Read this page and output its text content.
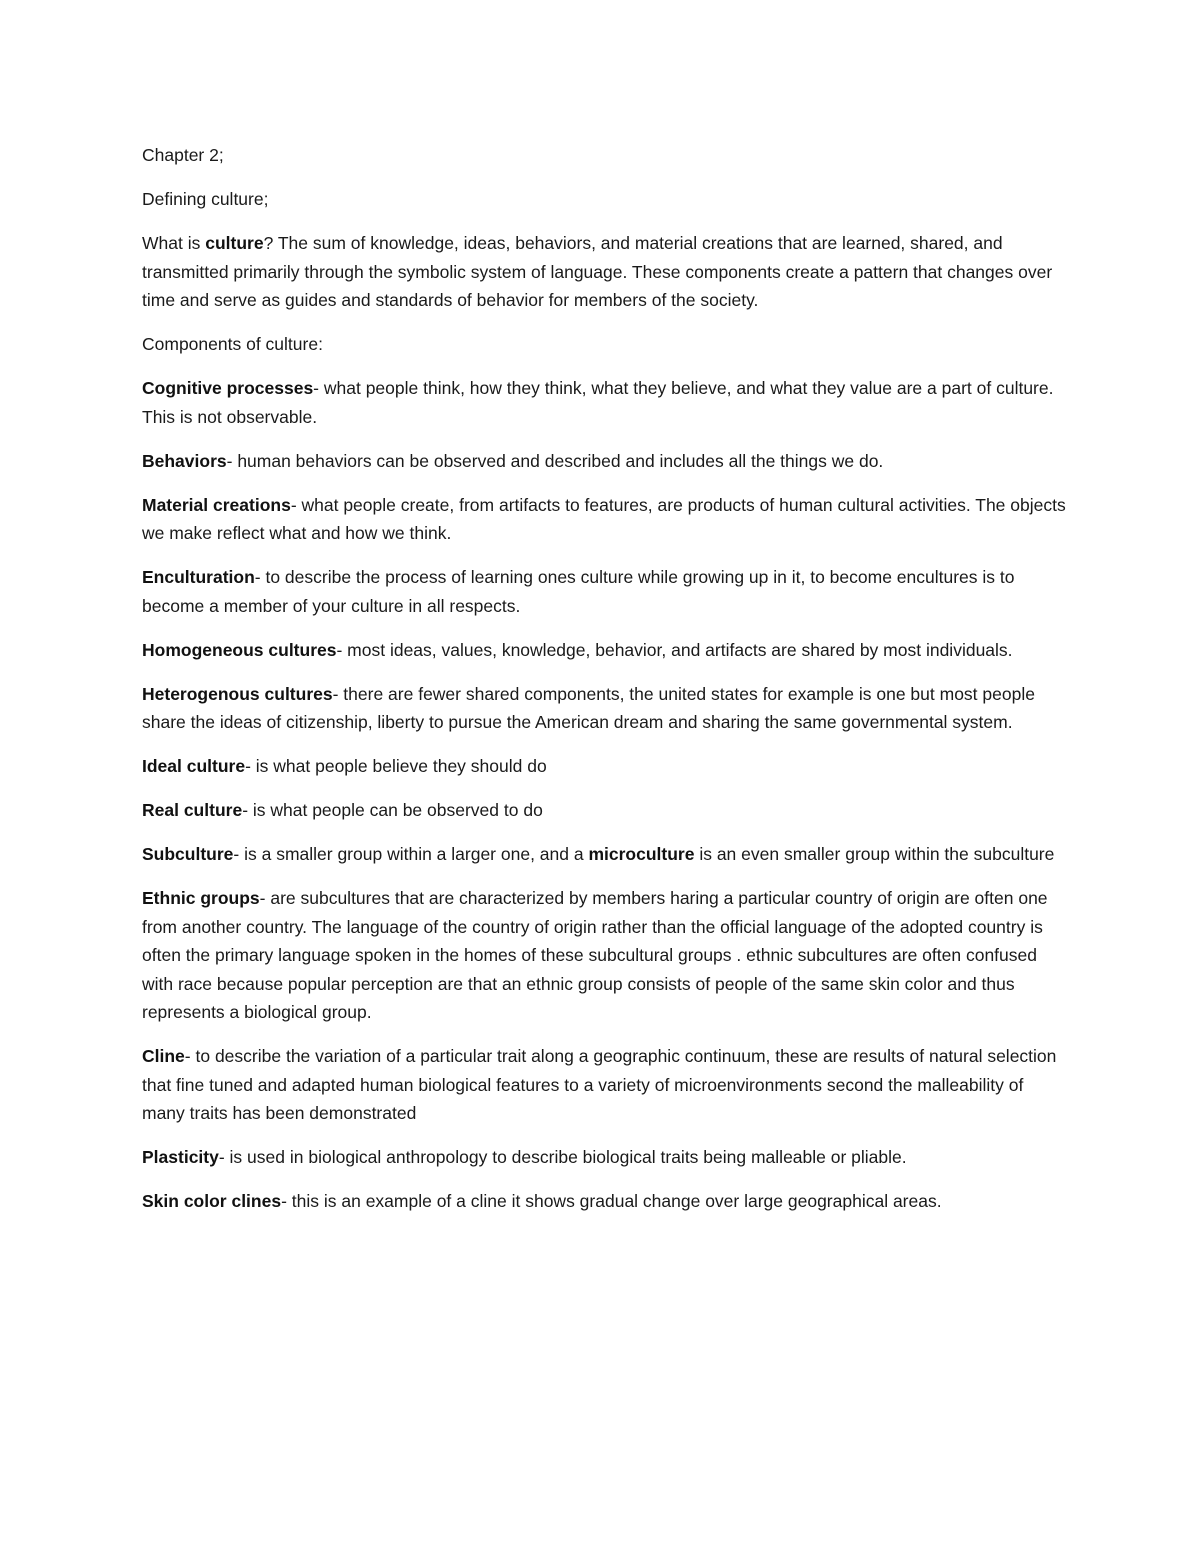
Chapter 2;

Defining culture;

What is culture? The sum of knowledge, ideas, behaviors, and material creations that are learned, shared, and transmitted primarily through the symbolic system of language. These components create a pattern that changes over time and serve as guides and standards of behavior for members of the society.

Components of culture:

Cognitive processes- what people think, how they think, what they believe, and what they value are a part of culture. This is not observable.

Behaviors- human behaviors can be observed and described and includes all the things we do.

Material creations- what people create, from artifacts to features, are products of human cultural activities. The objects we make reflect what and how we think.

Enculturation- to describe the process of learning ones culture while growing up in it, to become encultures is to become a member of your culture in all respects.

Homogeneous cultures- most ideas, values, knowledge, behavior, and artifacts are shared by most individuals.

Heterogenous cultures- there are fewer shared components, the united states for example is one but most people share the ideas of citizenship, liberty to pursue the American dream and sharing the same governmental system.

Ideal culture- is what people believe they should do

Real culture- is what people can be observed to do

Subculture- is a smaller group within a larger one, and a microculture is an even smaller group within the subculture

Ethnic groups- are subcultures that are characterized by members haring a particular country of origin are often one from another country. The language of the country of origin rather than the official language of the adopted country is often the primary language spoken in the homes of these subcultural groups . ethnic subcultures are often confused with race because popular perception are that an ethnic group consists of people of the same skin color and thus represents a biological group.

Cline- to describe the variation of a particular trait along a geographic continuum, these are results of natural selection that fine tuned and adapted human biological features to a variety of microenvironments second the malleability of many traits has been demonstrated

Plasticity- is used in biological anthropology to describe biological traits being malleable or pliable.

Skin color clines- this is an example of a cline it shows gradual change over large geographical areas.
